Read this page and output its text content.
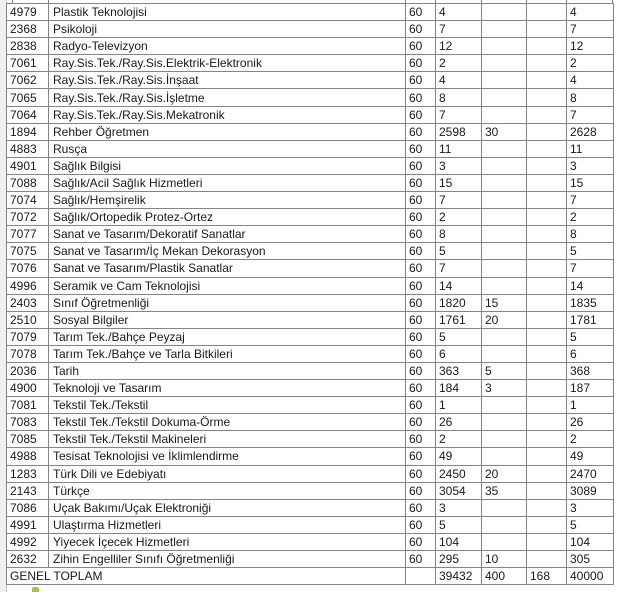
4979	Plastik Teknolojisi	60	4			4
2368	Psikoloji	60	7			7
2838	Radyo-Televizyon	60	12			12
7061	Ray.Sis.Tek./Ray.Sis.Elektrik-Elektronik	60	2			2
7062	Ray.Sis.Tek./Ray.Sis.İnşaat	60	4			4
7065	Ray.Sis.Tek./Ray.Sis.İşletme	60	8			8
7064	Ray.Sis.Tek./Ray.Sis.Mekatronik	60	7			7
1894	Rehber Öğretmen	60	2598	30		2628
4883	Rusça	60	11			11
4901	Sağlık Bilgisi	60	3			3
7088	Sağlık/Acil Sağlık Hizmetleri	60	15			15
7074	Sağlık/Hemşirelik	60	7			7
7072	Sağlık/Ortopedik Protez-Ortez	60	2			2
7077	Sanat ve Tasarım/Dekoratif Sanatlar	60	8			8
7075	Sanat ve Tasarım/İç Mekan Dekorasyon	60	5			5
7076	Sanat ve Tasarım/Plastik Sanatlar	60	7			7
4996	Seramik ve Cam Teknolojisi	60	14			14
2403	Sınıf Öğretmenliği	60	1820	15		1835
2510	Sosyal Bilgiler	60	1761	20		1781
7079	Tarım Tek./Bahçe Peyzaj	60	5			5
7078	Tarım Tek./Bahçe ve Tarla Bitkileri	60	6			6
2036	Tarih	60	363	5		368
4900	Teknoloji ve Tasarım	60	184	3		187
7081	Tekstil Tek./Tekstil	60	1			1
7083	Tekstil Tek./Tekstil Dokuma-Örme	60	26			26
7085	Tekstil Tek./Tekstil Makineleri	60	2			2
4988	Tesisat Teknolojisi ve İklimlendirme	60	49			49
1283	Türk Dili ve Edebiyatı	60	2450	20		2470
2143	Türkçe	60	3054	35		3089
7086	Uçak Bakımı/Uçak Elektroniği	60	3			3
4991	Ulaştırma Hizmetleri	60	5			5
4992	Yiyecek İçecek Hizmetleri	60	104			104
2632	Zihin Engelliler Sınıfı Öğretmenliği	60	295	10		305
GENEL TOPLAM			39432	400	168	40000
